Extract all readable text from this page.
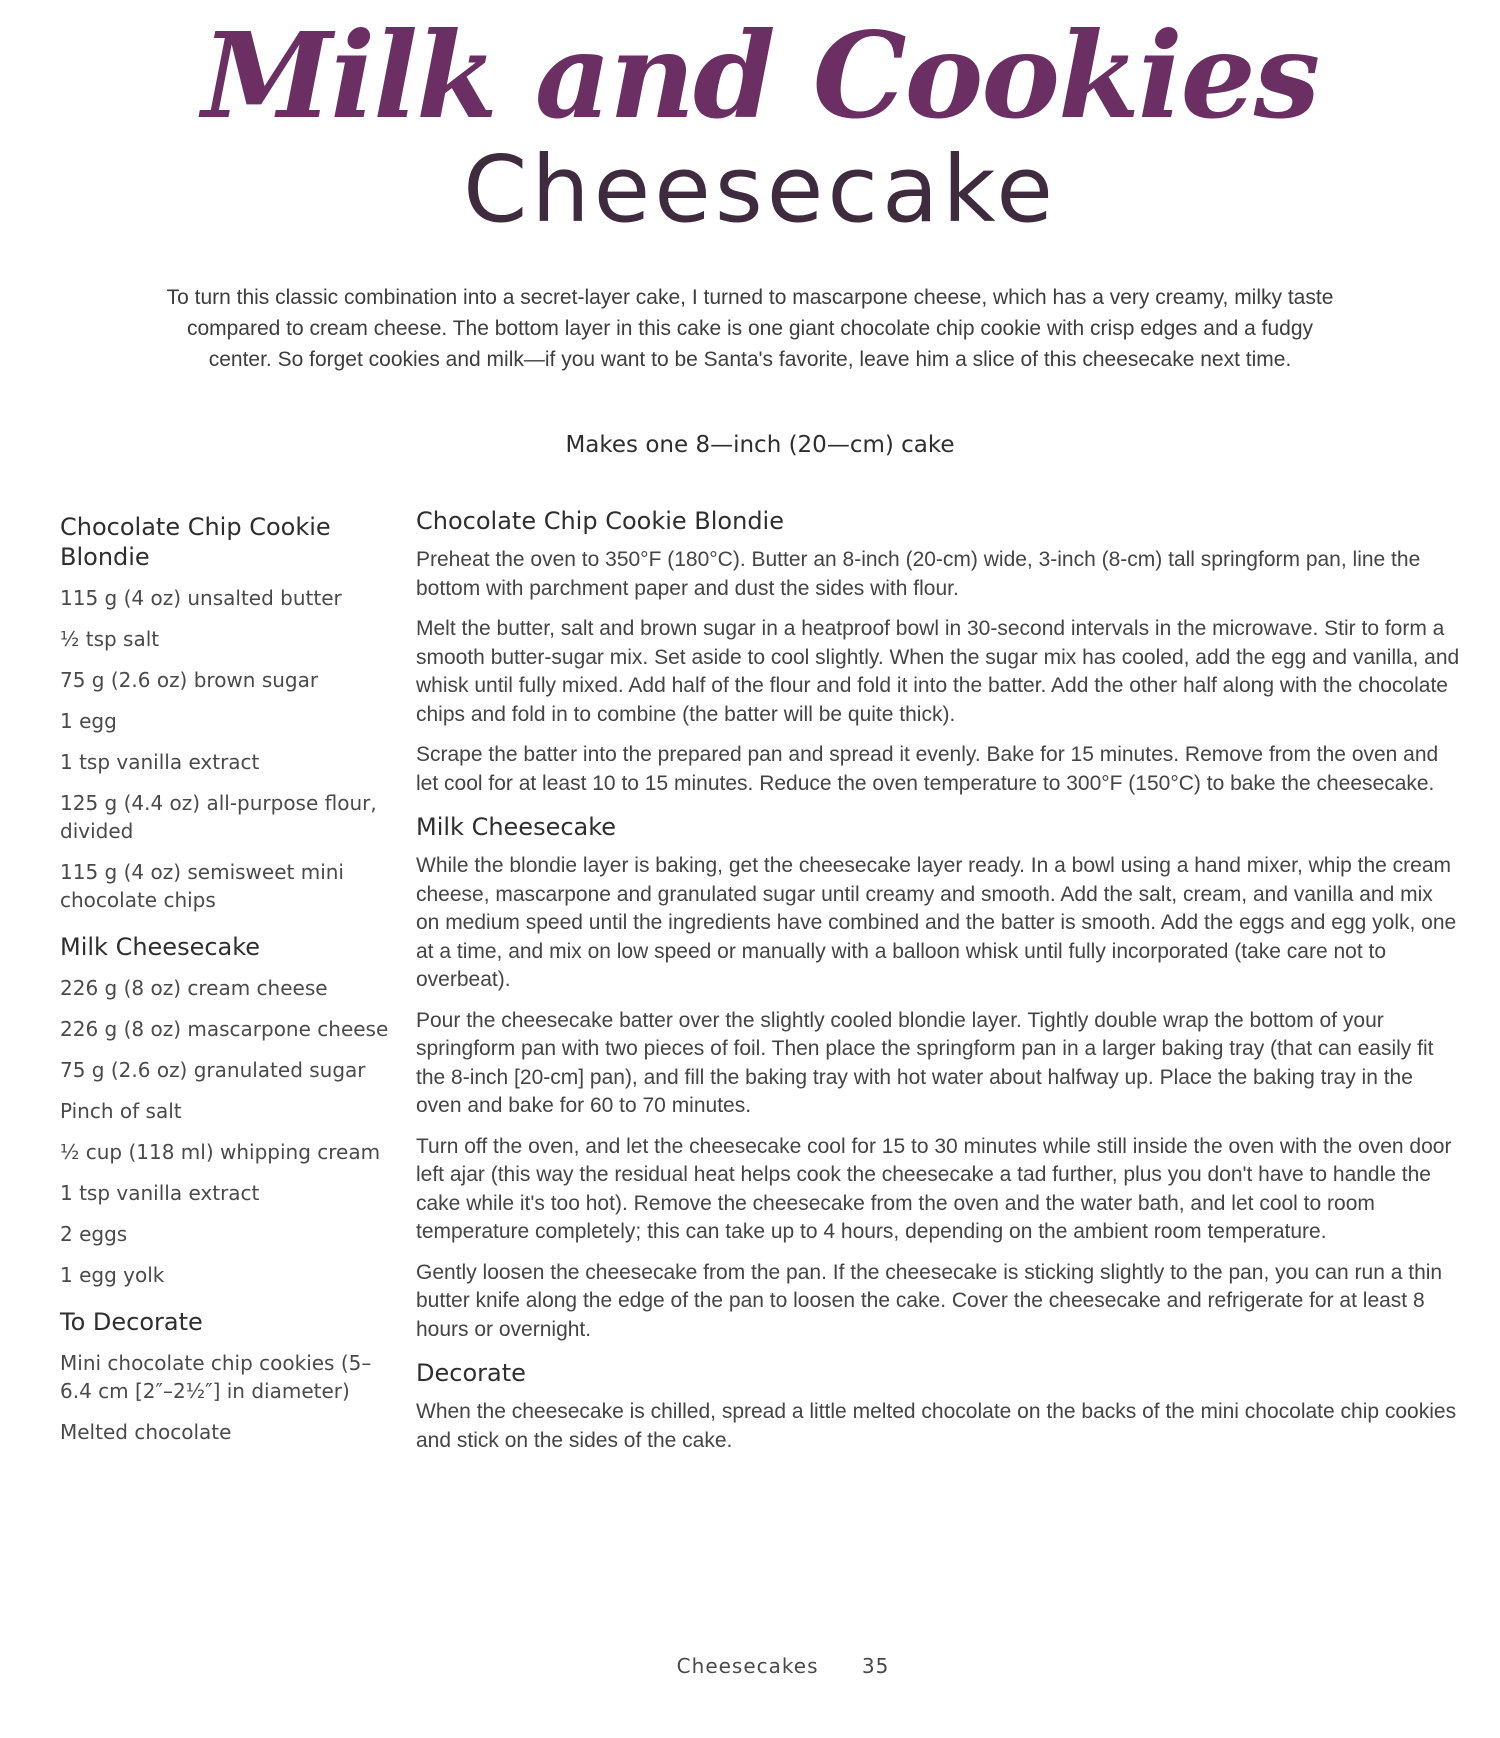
Milk and Cookies
Cheesecake
To turn this classic combination into a secret-layer cake, I turned to mascarpone cheese, which has a very creamy, milky taste compared to cream cheese. The bottom layer in this cake is one giant chocolate chip cookie with crisp edges and a fudgy center. So forget cookies and milk—if you want to be Santa's favorite, leave him a slice of this cheesecake next time.
Makes one 8—inch (20—cm) cake
Chocolate Chip Cookie Blondie
115 g (4 oz) unsalted butter
½ tsp salt
75 g (2.6 oz) brown sugar
1 egg
1 tsp vanilla extract
125 g (4.4 oz) all-purpose flour, divided
115 g (4 oz) semisweet mini chocolate chips
Milk Cheesecake
226 g (8 oz) cream cheese
226 g (8 oz) mascarpone cheese
75 g (2.6 oz) granulated sugar
Pinch of salt
½ cup (118 ml) whipping cream
1 tsp vanilla extract
2 eggs
1 egg yolk
To Decorate
Mini chocolate chip cookies (5–6.4 cm [2″–2½″] in diameter)
Melted chocolate
Chocolate Chip Cookie Blondie

Preheat the oven to 350°F (180°C). Butter an 8-inch (20-cm) wide, 3-inch (8-cm) tall springform pan, line the bottom with parchment paper and dust the sides with flour.

Melt the butter, salt and brown sugar in a heatproof bowl in 30-second intervals in the microwave. Stir to form a smooth butter-sugar mix. Set aside to cool slightly. When the sugar mix has cooled, add the egg and vanilla, and whisk until fully mixed. Add half of the flour and fold it into the batter. Add the other half along with the chocolate chips and fold in to combine (the batter will be quite thick).

Scrape the batter into the prepared pan and spread it evenly. Bake for 15 minutes. Remove from the oven and let cool for at least 10 to 15 minutes. Reduce the oven temperature to 300°F (150°C) to bake the cheesecake.

Milk Cheesecake

While the blondie layer is baking, get the cheesecake layer ready. In a bowl using a hand mixer, whip the cream cheese, mascarpone and granulated sugar until creamy and smooth. Add the salt, cream, and vanilla and mix on medium speed until the ingredients have combined and the batter is smooth. Add the eggs and egg yolk, one at a time, and mix on low speed or manually with a balloon whisk until fully incorporated (take care not to overbeat).

Pour the cheesecake batter over the slightly cooled blondie layer. Tightly double wrap the bottom of your springform pan with two pieces of foil. Then place the springform pan in a larger baking tray (that can easily fit the 8-inch [20-cm] pan), and fill the baking tray with hot water about halfway up. Place the baking tray in the oven and bake for 60 to 70 minutes.

Turn off the oven, and let the cheesecake cool for 15 to 30 minutes while still inside the oven with the oven door left ajar (this way the residual heat helps cook the cheesecake a tad further, plus you don't have to handle the cake while it's too hot). Remove the cheesecake from the oven and the water bath, and let cool to room temperature completely; this can take up to 4 hours, depending on the ambient room temperature.

Gently loosen the cheesecake from the pan. If the cheesecake is sticking slightly to the pan, you can run a thin butter knife along the edge of the pan to loosen the cake. Cover the cheesecake and refrigerate for at least 8 hours or overnight.

Decorate

When the cheesecake is chilled, spread a little melted chocolate on the backs of the mini chocolate chip cookies and stick on the sides of the cake.

Cheesecakes 35
